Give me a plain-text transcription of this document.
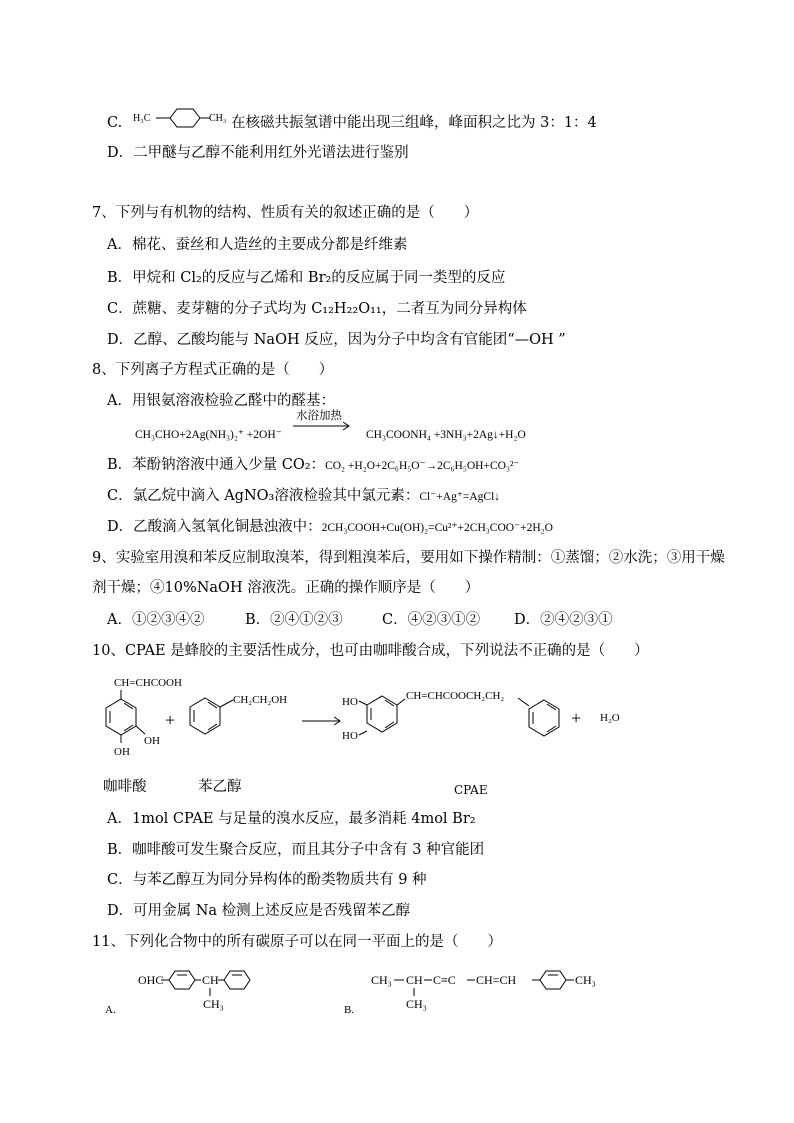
C. H₃C	CH₃ 在核磁共振氢谱中能出现三组峰，峰面积之比为 3：1：4
D．二甲醚与乙醇不能利用红外光谱法进行鉴别
7、下列与有机物的结构、性质有关的叙述正确的是（　　）
A．棉花、蚕丝和人造丝的主要成分都是纤维素
B．甲烷和 Cl₂的反应与乙烯和 Br₂的反应属于同一类型的反应
C．蔗糖、麦芽糖的分子式均为 C₁₂H₂₂O₁₁，二者互为同分异构体
D．乙醇、乙酸均能与 NaOH 反应，因为分子中均含有官能团“—OH ”
8、下列离子方程式正确的是（　　）
A．用银氨溶液检验乙醛中的醛基：
水浴加热
CH₃CHO+2Ag(NH₃)₂⁺ +2OH⁻	CH₃COONH₄ +3NH₃+2Ag↓+H₂O
B．苯酚钠溶液中通入少量 CO₂：CO₂ +H₂O+2C₆H₅O⁻→2C₆H₅OH+CO₃²⁻
C．氯乙烷中滴入 AgNO₃溶液检验其中氯元素：Cl⁻+Ag⁺=AgCl↓
D．乙酸滴入氢氧化铜悬浊液中：2CH₃COOH+Cu(OH)₂=Cu²⁺+2CH₃COO⁻+2H₂O
9、实验室用溴和苯反应制取溴苯，得到粗溴苯后，要用如下操作精制：①蒸馏；②水洗；③用干燥
剂干燥；④10%NaOH 溶液洗。正确的操作顺序是（　　）
A．①②③④②	B．②④①②③	C．④②③①② D．②④②③①
10、CPAE 是蜂胶的主要活性成分，也可由咖啡酸合成，下列说法不正确的是（　　）
CH=CHCOOH
OH
OH
+
CH₂CH₂OH	HO
HO
CH=CHCOOCH₂CH₂
+ H₂O
咖啡酸	苯乙醇	CPAE
A．1mol CPAE 与足量的溴水反应，最多消耗 4mol Br₂
B．咖啡酸可发生聚合反应，而且其分子中含有 3 种官能团
C．与苯乙醇互为同分异构体的酚类物质共有 9 种
D．可用金属 Na 检测上述反应是否残留苯乙醇
11、下列化合物中的所有碳原子可以在同一平面上的是（　　）
A.
OHC	CH
CH₃	B.
CH₃ CH C≡C CH=CH	CH₃
CH₃
